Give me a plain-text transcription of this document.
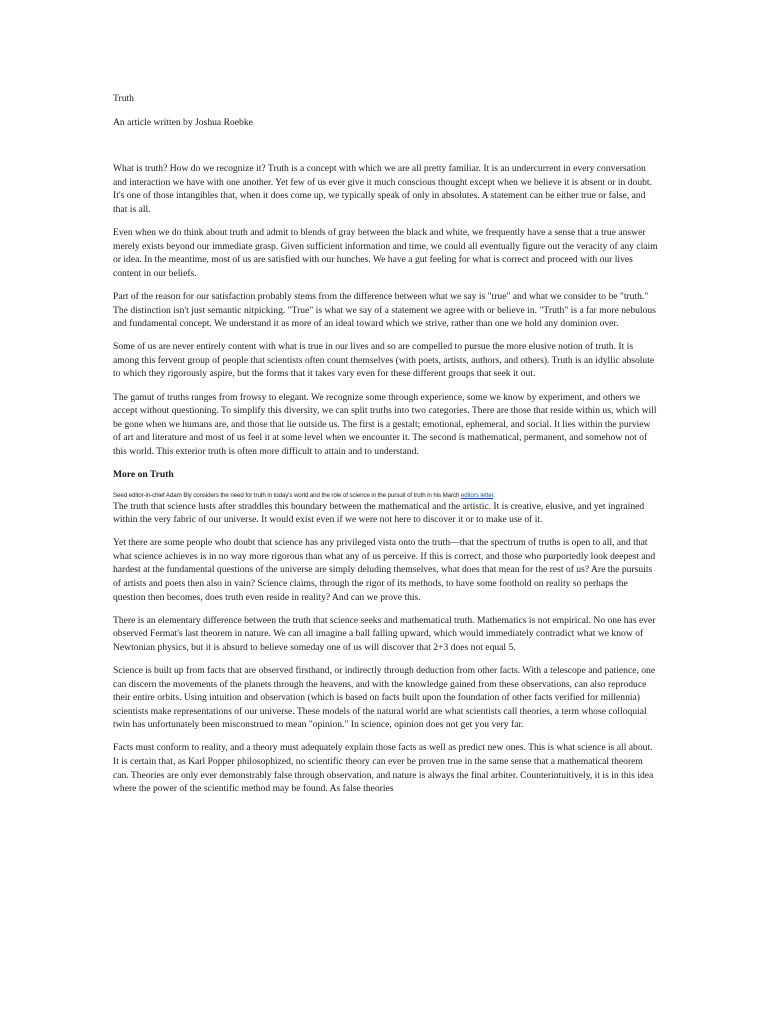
Truth

An article written by Joshua Roebke

What is truth? How do we recognize it? Truth is a concept with which we are all pretty familiar. It is an undercurrent in every conversation and interaction we have with one another. Yet few of us ever give it much conscious thought except when we believe it is absent or in doubt. It's one of those intangibles that, when it does come up, we typically speak of only in absolutes. A statement can be either true or false, and that is all.

Even when we do think about truth and admit to blends of gray between the black and white, we frequently have a sense that a true answer merely exists beyond our immediate grasp. Given sufficient information and time, we could all eventually figure out the veracity of any claim or idea. In the meantime, most of us are satisfied with our hunches. We have a gut feeling for what is correct and proceed with our lives content in our beliefs.

Part of the reason for our satisfaction probably stems from the difference between what we say is "true" and what we consider to be "truth." The distinction isn't just semantic nitpicking. "True" is what we say of a statement we agree with or believe in. "Truth" is a far more nebulous and fundamental concept. We understand it as more of an ideal toward which we strive, rather than one we hold any dominion over.

Some of us are never entirely content with what is true in our lives and so are compelled to pursue the more elusive notion of truth. It is among this fervent group of people that scientists often count themselves (with poets, artists, authors, and others). Truth is an idyllic absolute to which they rigorously aspire, but the forms that it takes vary even for these different groups that seek it out.

The gamut of truths ranges from frowsy to elegant. We recognize some through experience, some we know by experiment, and others we accept without questioning. To simplify this diversity, we can split truths into two categories. There are those that reside within us, which will be gone when we humans are, and those that lie outside us. The first is a gestalt; emotional, ephemeral, and social. It lies within the purview of art and literature and most of us feel it at some level when we encounter it. The second is mathematical, permanent, and somehow not of this world. This exterior truth is often more difficult to attain and to understand.

More on Truth

Seed editor-in-chief Adam Bly considers the need for truth in today's world and the role of science in the pursuit of truth in his March editors letter.

The truth that science lusts after straddles this boundary between the mathematical and the artistic. It is creative, elusive, and yet ingrained within the very fabric of our universe. It would exist even if we were not here to discover it or to make use of it.

Yet there are some people who doubt that science has any privileged vista onto the truth—that the spectrum of truths is open to all, and that what science achieves is in no way more rigorous than what any of us perceive. If this is correct, and those who purportedly look deepest and hardest at the fundamental questions of the universe are simply deluding themselves, what does that mean for the rest of us? Are the pursuits of artists and poets then also in vain? Science claims, through the rigor of its methods, to have some foothold on reality so perhaps the question then becomes, does truth even reside in reality? And can we prove this.

There is an elementary difference between the truth that science seeks and mathematical truth. Mathematics is not empirical. No one has ever observed Fermat's last theorem in nature. We can all imagine a ball falling upward, which would immediately contradict what we know of Newtonian physics, but it is absurd to believe someday one of us will discover that 2+3 does not equal 5.

Science is built up from facts that are observed firsthand, or indirectly through deduction from other facts. With a telescope and patience, one can discern the movements of the planets through the heavens, and with the knowledge gained from these observations, can also reproduce their entire orbits. Using intuition and observation (which is based on facts built upon the foundation of other facts verified for millennia) scientists make representations of our universe. These models of the natural world are what scientists call theories, a term whose colloquial twin has unfortunately been misconstrued to mean "opinion." In science, opinion does not get you very far.

Facts must conform to reality, and a theory must adequately explain those facts as well as predict new ones. This is what science is all about. It is certain that, as Karl Popper philosophized, no scientific theory can ever be proven true in the same sense that a mathematical theorem can. Theories are only ever demonstrably false through observation, and nature is always the final arbiter. Counterintuitively, it is in this idea where the power of the scientific method may be found. As false theories
